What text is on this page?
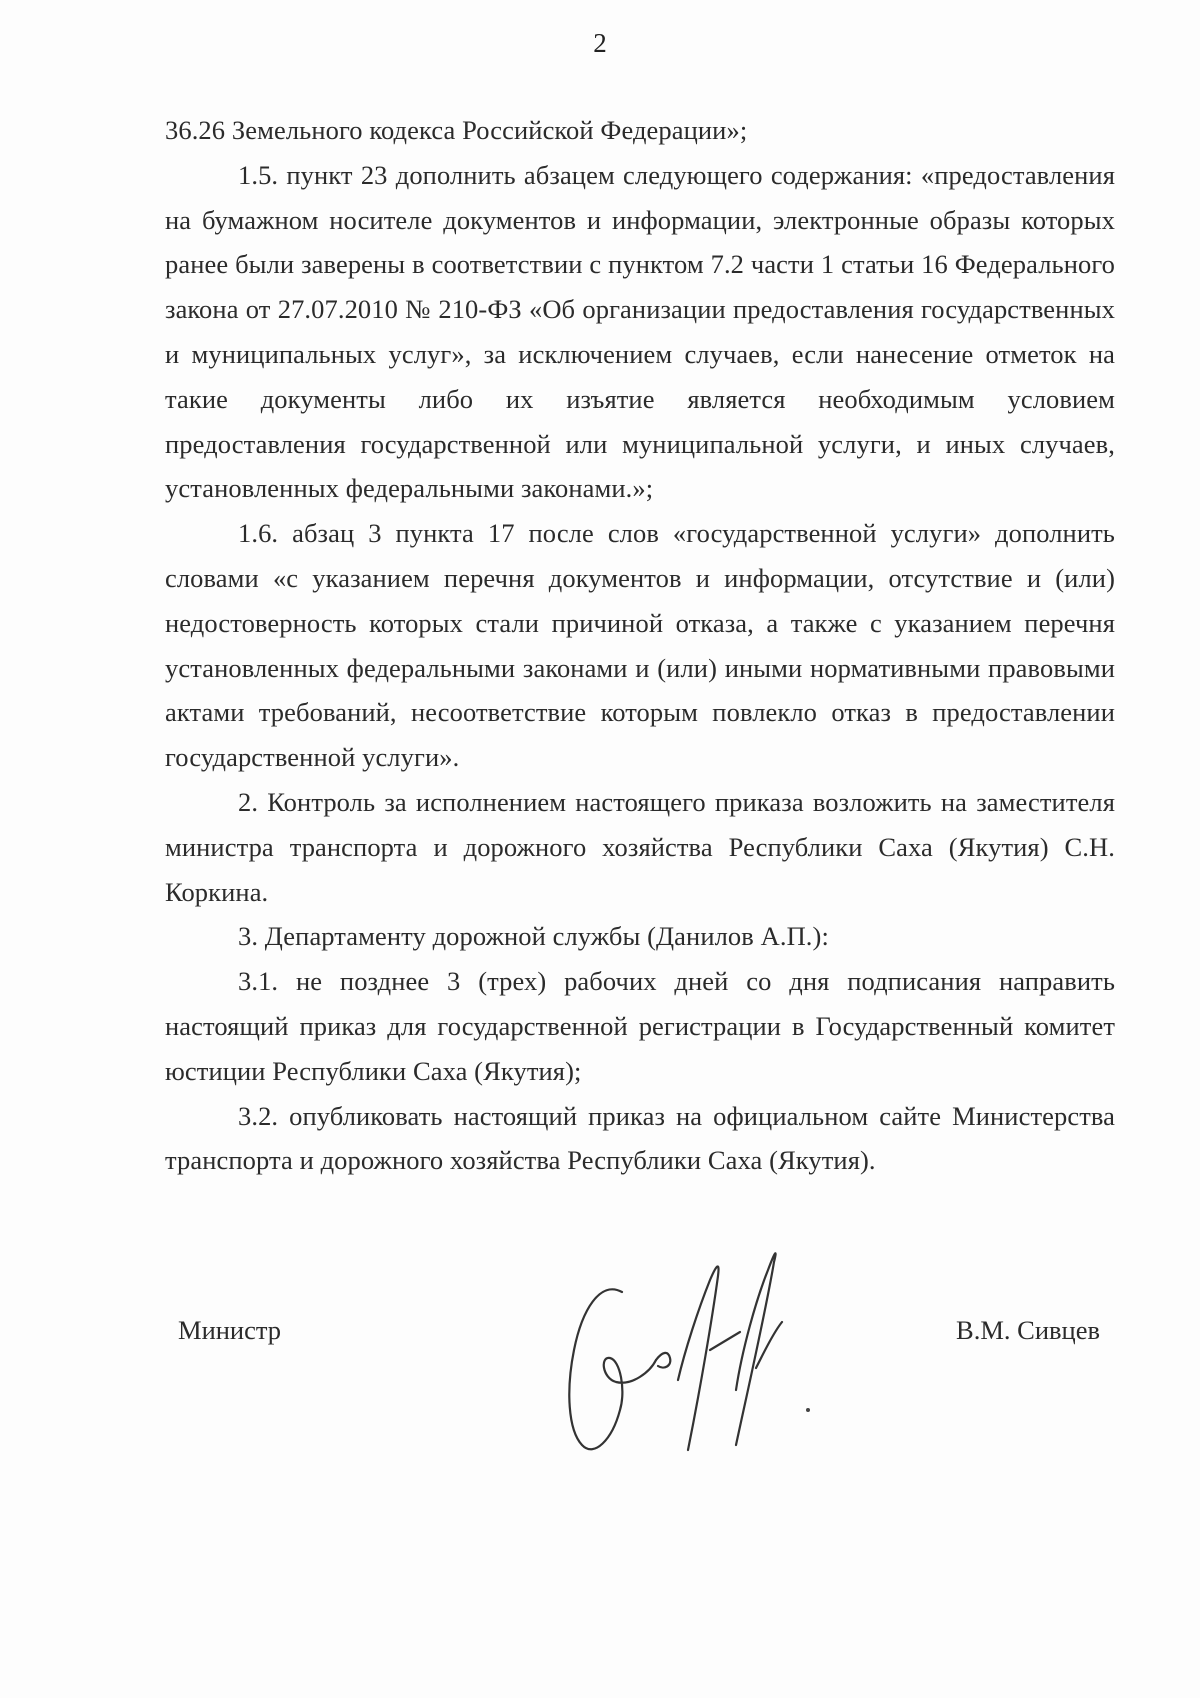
2

36.26 Земельного кодекса Российской Федерации»;

1.5. пункт 23 дополнить абзацем следующего содержания: «предоставления на бумажном носителе документов и информации, электронные образы которых ранее были заверены в соответствии с пунктом 7.2 части 1 статьи 16 Федерального закона от 27.07.2010 № 210-ФЗ «Об организации предоставления государственных и муниципальных услуг», за исключением случаев, если нанесение отметок на такие документы либо их изъятие является необходимым условием предоставления государственной или муниципальной услуги, и иных случаев, установленных федеральными законами.»;

1.6. абзац 3 пункта 17 после слов «государственной услуги» дополнить словами «с указанием перечня документов и информации, отсутствие и (или) недостоверность которых стали причиной отказа, а также с указанием перечня установленных федеральными законами и (или) иными нормативными правовыми актами требований, несоответствие которым повлекло отказ в предоставлении государственной услуги».

2. Контроль за исполнением настоящего приказа возложить на заместителя министра транспорта и дорожного хозяйства Республики Саха (Якутия) С.Н. Коркина.

3. Департаменту дорожной службы (Данилов А.П.):

3.1. не позднее 3 (трех) рабочих дней со дня подписания направить настоящий приказ для государственной регистрации в Государственный комитет юстиции Республики Саха (Якутия);

3.2. опубликовать настоящий приказ на официальном сайте Министерства транспорта и дорожного хозяйства Республики Саха (Якутия).

Министр	В.М. Сивцев
